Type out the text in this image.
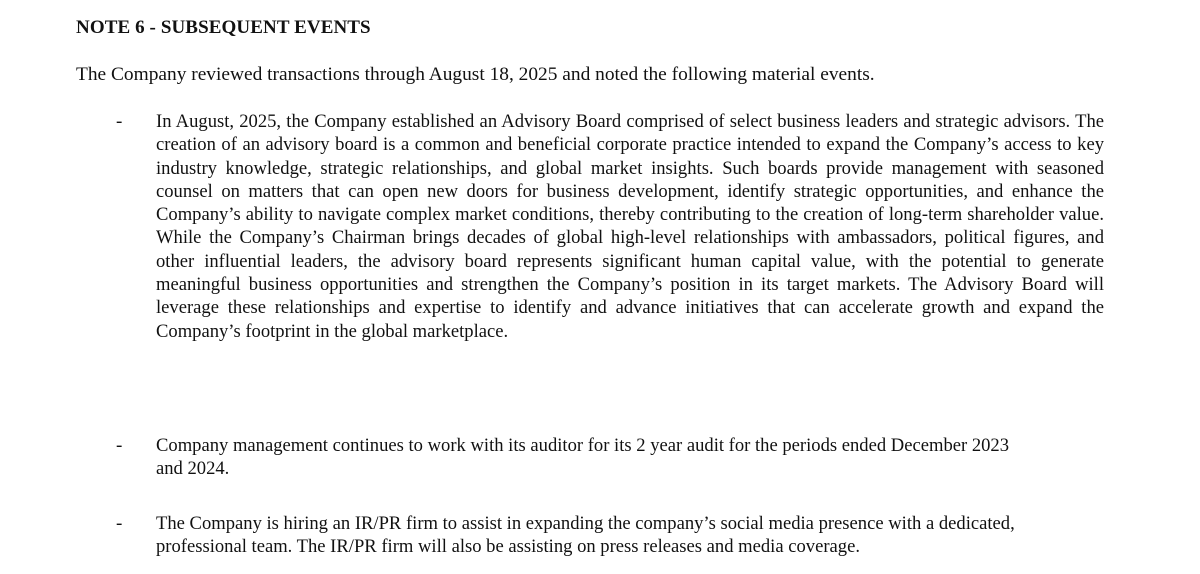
NOTE 6 - SUBSEQUENT EVENTS
The Company reviewed transactions through August 18, 2025 and noted the following material events.
- In August, 2025, the Company established an Advisory Board comprised of select business leaders and strategic advisors. The creation of an advisory board is a common and beneficial corporate practice intended to expand the Company’s access to key industry knowledge, strategic relationships, and global market insights. Such boards provide management with seasoned counsel on matters that can open new doors for business development, identify strategic opportunities, and enhance the Company’s ability to navigate complex market conditions, thereby contributing to the creation of long-term shareholder value. While the Company’s Chairman brings decades of global high-level relationships with ambassadors, political figures, and other influential leaders, the advisory board represents significant human capital value, with the potential to generate meaningful business opportunities and strengthen the Company’s position in its target markets. The Advisory Board will leverage these relationships and expertise to identify and advance initiatives that can accelerate growth and expand the Company’s footprint in the global marketplace.
- Company management continues to work with its auditor for its 2 year audit for the periods ended December 2023 and 2024.
- The Company is hiring an IR/PR firm to assist in expanding the company’s social media presence with a dedicated, professional team. The IR/PR firm will also be assisting on press releases and media coverage.
